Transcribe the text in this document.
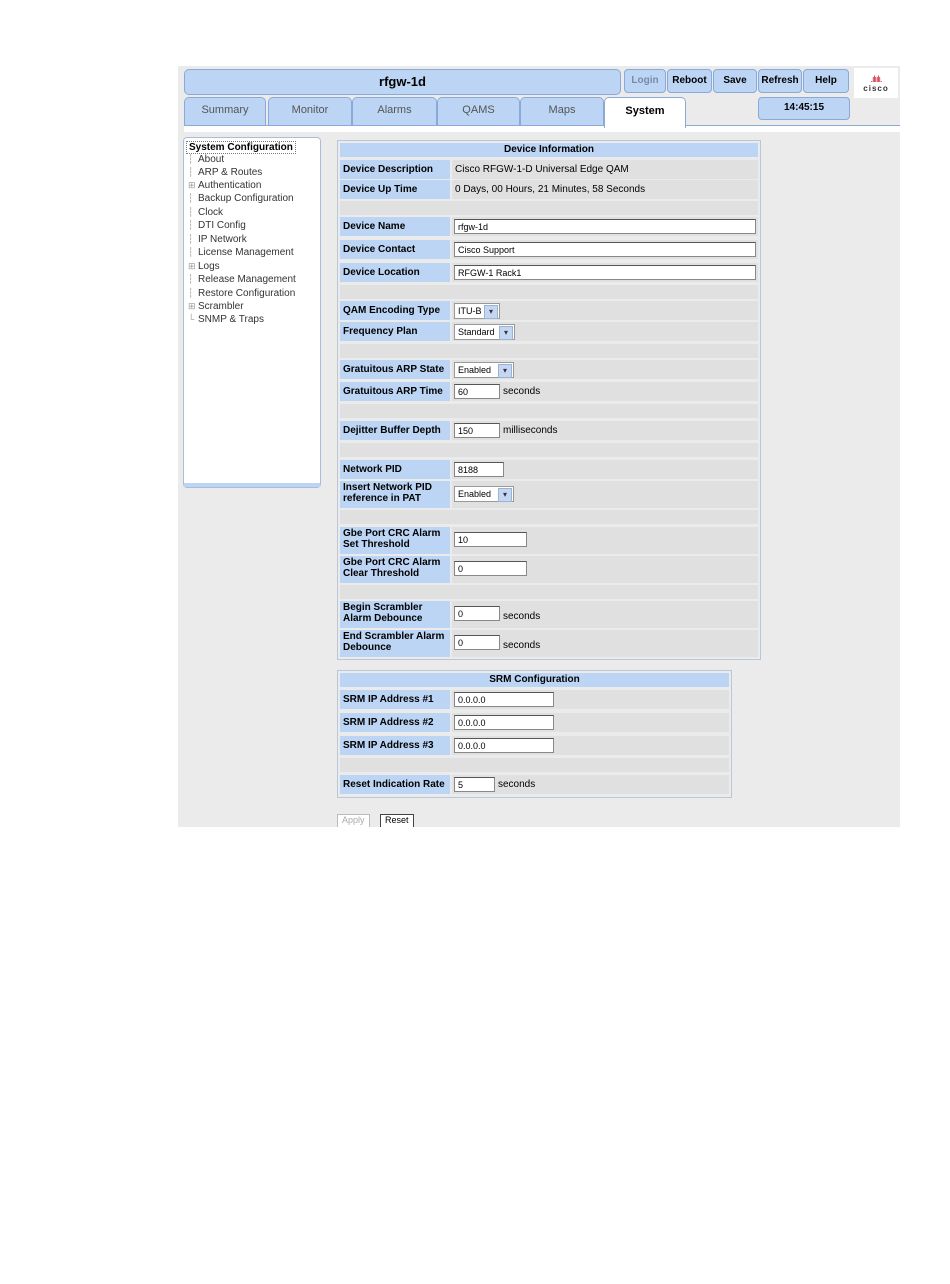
rfgw-1d	Login	Reboot	Save	Refresh	Help	.ılıılı.
cisco
Summary	Monitor	Alarms	QAMS	Maps	System	14:45:15
System Configuration
┆ About
┆ ARP & Routes
⊞ Authentication
┆ Backup Configuration
┆ Clock
┆ DTI Config
┆ IP Network
┆ License Management
⊞ Logs
┆ Release Management
┆ Restore Configuration
⊞ Scrambler
└ SNMP & Traps
Device Information
Device Description	Cisco RFGW-1-D Universal Edge QAM
Device Up Time	0 Days, 00 Hours, 21 Minutes, 58 Seconds
Device Name	rfgw-1d
Device Contact	Cisco Support
Device Location	RFGW-1 Rack1
QAM Encoding Type	ITU-B ▾
Frequency Plan	Standard	▾
Gratuitous ARP State	Enabled	▾
Gratuitous ARP Time	60	seconds
Dejitter Buffer Depth	150	milliseconds
Network PID	8188
Insert Network PID
reference in PAT	Enabled	▾
Gbe Port CRC Alarm
Set Threshold	10
Gbe Port CRC Alarm
Clear Threshold	0
Begin Scrambler
Alarm Debounce	0	seconds
End Scrambler Alarm
Debounce	0	seconds
SRM Configuration
SRM IP Address #1	0.0.0.0
SRM IP Address #2	0.0.0.0
SRM IP Address #3	0.0.0.0
Reset Indication Rate	5	seconds
Apply	Reset
